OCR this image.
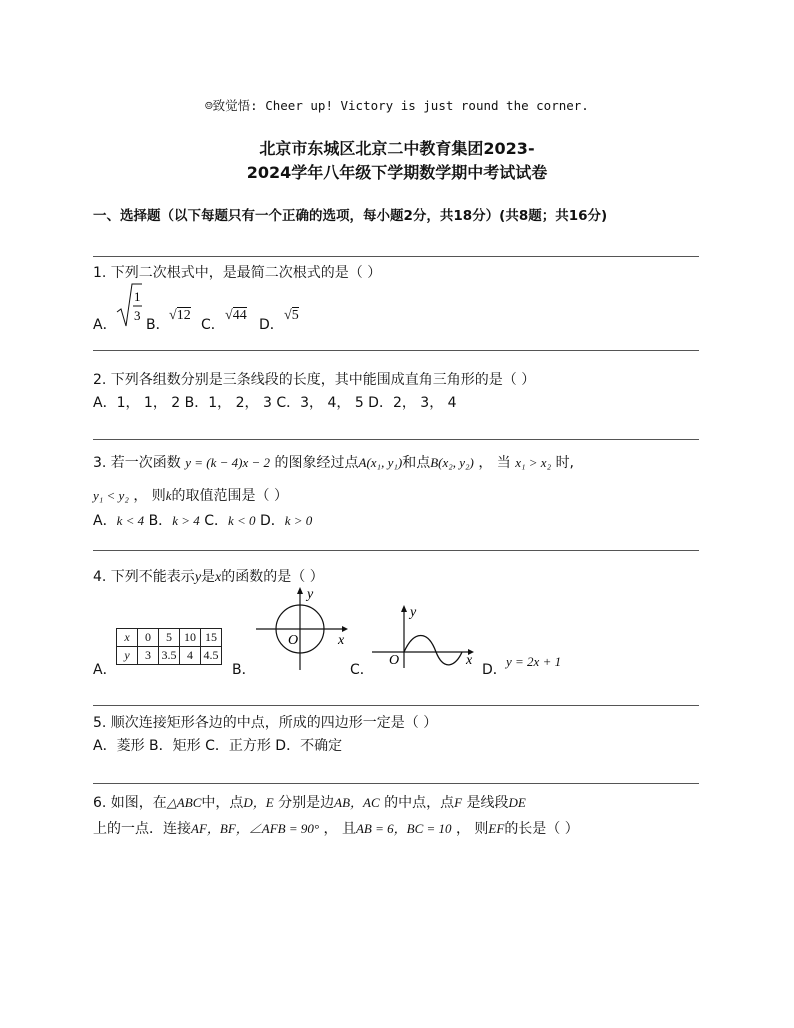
☺致觉悟: Cheer up! Victory is just round the corner.
北京市东城区北京二中教育集团2023-
2024学年八年级下学期数学期中考试试卷
一、选择题（以下每题只有一个正确的选项，每小题2分，共18分）(共8题；共16分)
1. 下列二次根式中，是最简二次根式的是（ ）
A．
1
3
B．
√12
C．
√44
D．
√5
2. 下列各组数分别是三条线段的长度，其中能围成直角三角形的是（ ）
A．1， 1， 2 B．1， 2， 3 C．3， 4， 5 D．2， 3， 4
3. 若一次函数 y = (k − 4)x − 2 的图象经过点A(x₁, y₁)和点B(x₂, y₂) ， 当 x₁ > x₂ 时,
y₁ < y₂ ， 则k的取值范围是（ ）
A．k < 4 B．k > 4 C．k < 0 D．k > 0
4. 下列不能表示y是x的函数的是（ ）
A．
x	0	5	10	15
y	3	3.5	4	4.5
B．
x
y
O
C．
x
y
O
D．
y = 2x + 1
5. 顺次连接矩形各边的中点，所成的四边形一定是（ ）
A．菱形 B．矩形 C．正方形 D．不确定
6. 如图，在△ABC中，点D，E 分别是边AB，AC 的中点，点F 是线段DE
上的一点．连接AF，BF，∠AFB = 90° ， 且AB = 6，BC = 10 ， 则EF的长是（ ）
